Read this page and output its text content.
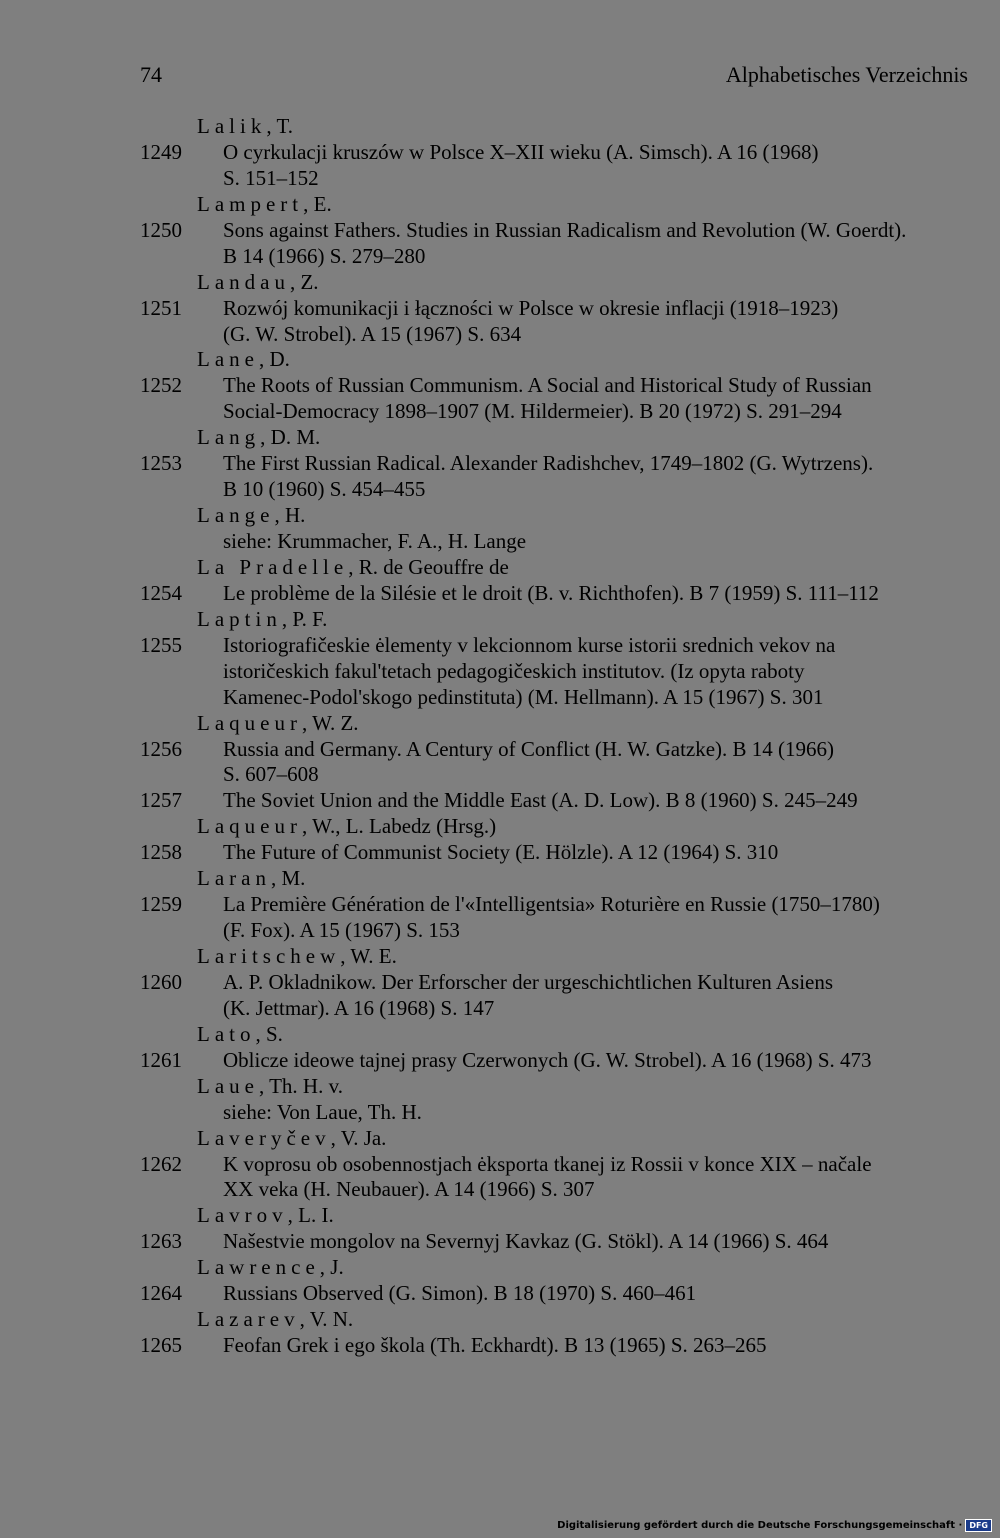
74	Alphabetisches Verzeichnis
Lalik, T.
1249 O cyrkulacji kruszów w Polsce X–XII wieku (A. Simsch). A 16 (1968)
S. 151–152
Lampert, E.
1250 Sons against Fathers. Studies in Russian Radicalism and Revolution (W. Goerdt).
B 14 (1966) S. 279–280
Landau, Z.
1251 Rozwój komunikacji i łączności w Polsce w okresie inflacji (1918–1923)
(G. W. Strobel). A 15 (1967) S. 634
Lane, D.
1252 The Roots of Russian Communism. A Social and Historical Study of Russian
Social-Democracy 1898–1907 (M. Hildermeier). B 20 (1972) S. 291–294
Lang, D. M.
1253 The First Russian Radical. Alexander Radishchev, 1749–1802 (G. Wytrzens).
B 10 (1960) S. 454–455
Lange, H.
siehe: Krummacher, F. A., H. Lange
La Pradelle, R. de Geouffre de
1254 Le problème de la Silésie et le droit (B. v. Richthofen). B 7 (1959) S. 111–112
Laptin, P. F.
1255 Istoriografičeskie ėlementy v lekcionnom kurse istorii srednich vekov na
istoričeskich fakul'tetach pedagogičeskich institutov. (Iz opyta raboty
Kamenec-Podol'skogo pedinstituta) (M. Hellmann). A 15 (1967) S. 301
Laqueur, W. Z.
1256 Russia and Germany. A Century of Conflict (H. W. Gatzke). B 14 (1966)
S. 607–608
1257 The Soviet Union and the Middle East (A. D. Low). B 8 (1960) S. 245–249
Laqueur, W., L. Labedz (Hrsg.)
1258 The Future of Communist Society (E. Hölzle). A 12 (1964) S. 310
Laran, M.
1259 La Première Génération de l'«Intelligentsia» Roturière en Russie (1750–1780)
(F. Fox). A 15 (1967) S. 153
Laritschew, W. E.
1260 A. P. Okladnikow. Der Erforscher der urgeschichtlichen Kulturen Asiens
(K. Jettmar). A 16 (1968) S. 147
Lato, S.
1261 Oblicze ideowe tajnej prasy Czerwonych (G. W. Strobel). A 16 (1968) S. 473
Laue, Th. H. v.
siehe: Von Laue, Th. H.
Laveryčev, V. Ja.
1262 K voprosu ob osobennostjach ėksporta tkanej iz Rossii v konce XIX – načale
XX veka (H. Neubauer). A 14 (1966) S. 307
Lavrov, L. I.
1263 Našestvie mongolov na Severnyj Kavkaz (G. Stökl). A 14 (1966) S. 464
Lawrence, J.
1264 Russians Observed (G. Simon). B 18 (1970) S. 460–461
Lazarev, V. N.
1265 Feofan Grek i ego škola (Th. Eckhardt). B 13 (1965) S. 263–265
Digitalisierung gefördert durch die Deutsche Forschungsgemeinschaft · DFG
